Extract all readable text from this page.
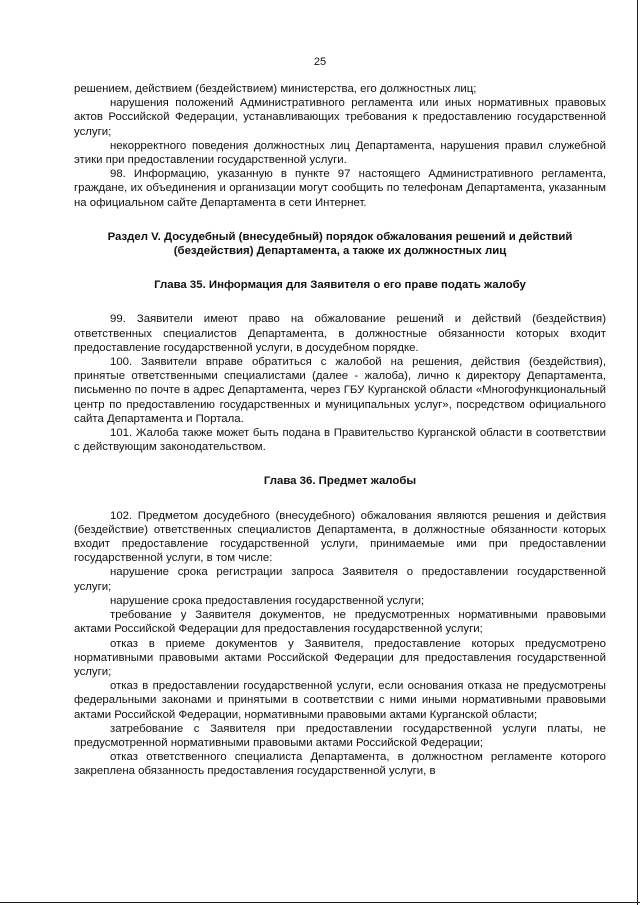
25

решением, действием (бездействием) министерства, его должностных лиц;

нарушения положений Административного регламента или иных нормативных правовых актов Российской Федерации, устанавливающих требования к предоставлению государственной услуги;

некорректного поведения должностных лиц Департамента, нарушения правил служебной этики при предоставлении государственной услуги.

98. Информацию, указанную в пункте 97 настоящего Административного регламента, граждане, их объединения и организации могут сообщить по телефонам Департамента, указанным на официальном сайте Департамента в сети Интернет.

Раздел V. Досудебный (внесудебный) порядок обжалования решений и действий (бездействия) Департамента, а также их должностных лиц

Глава 35. Информация для Заявителя о его праве подать жалобу

99. Заявители имеют право на обжалование решений и действий (бездействия) ответственных специалистов Департамента, в должностные обязанности которых входит предоставление государственной услуги, в досудебном порядке.

100. Заявители вправе обратиться с жалобой на решения, действия (бездействия), принятые ответственными специалистами (далее - жалоба), лично к директору Департамента, письменно по почте в адрес Департамента, через ГБУ Курганской области «Многофункциональный центр по предоставлению государственных и муниципальных услуг», посредством официального сайта Департамента и Портала.

101. Жалоба также может быть подана в Правительство Курганской области в соответствии с действующим законодательством.

Глава 36. Предмет жалобы

102. Предметом досудебного (внесудебного) обжалования являются решения и действия (бездействие) ответственных специалистов Департамента, в должностные обязанности которых входит предоставление государственной услуги, принимаемые ими при предоставлении государственной услуги, в том числе:

нарушение срока регистрации запроса Заявителя о предоставлении государственной услуги;

нарушение срока предоставления государственной услуги;

требование у Заявителя документов, не предусмотренных нормативными правовыми актами Российской Федерации для предоставления государственной услуги;

отказ в приеме документов у Заявителя, предоставление которых предусмотрено нормативными правовыми актами Российской Федерации для предоставления государственной услуги;

отказ в предоставлении государственной услуги, если основания отказа не предусмотрены федеральными законами и принятыми в соответствии с ними иными нормативными правовыми актами Российской Федерации, нормативными правовыми актами Курганской области;

затребование с Заявителя при предоставлении государственной услуги платы, не предусмотренной нормативными правовыми актами Российской Федерации;

отказ ответственного специалиста Департамента, в должностном регламенте которого закреплена обязанность предоставления государственной услуги, в
